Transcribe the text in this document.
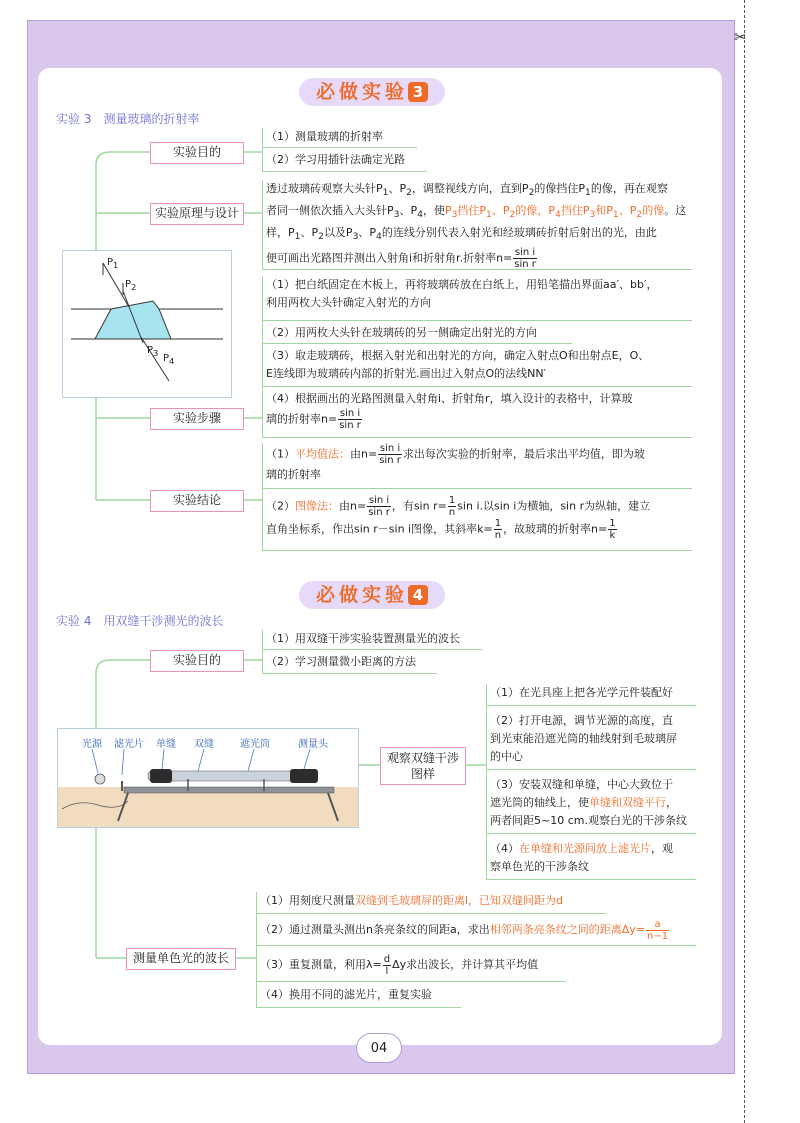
✂
必做实验 3
实验 3　测量玻璃的折射率
实验目的
（1）测量玻璃的折射率
（2）学习用插针法确定光路
实验原理与设计
透过玻璃砖观察大头针$P_1$、$P_2$，调整视线方向，直到$P_2$的像挡住$P_1$的像，再在观察
者同一侧依次插入大头针$P_3$、$P_4$，使$P_3$挡住$P_1$、$P_2$的像，$P_4$挡住$P_3$和$P_1$、$P_2$的像。这
样，$P_1$、$P_2$以及$P_3$、$P_4$的连线分别代表入射光和经玻璃砖折射后射出的光，由此
便可画出光路图并测出入射角i和折射角r.折射率$n= \frac{\text{sin i}}{\text{sin r}}$
$P_1$
$P_2$
$P_3$ $P_4$
实验步骤
（1）把白纸固定在木板上，再将玻璃砖放在白纸上，用铅笔描出界面aa′、bb′，
利用两枚大头针确定入射光的方向
（2）用两枚大头针在玻璃砖的另一侧确定出射光的方向
（3）取走玻璃砖，根据入射光和出射光的方向，确定入射点O和出射点E，O、
E连线即为玻璃砖内部的折射光.画出过入射点O的法线NN′
（4）根据画出的光路图测量入射角i、折射角r，填入设计的表格中，计算玻
璃的折射率$n= \frac{\text{sin i}}{\text{sin r}}$
实验结论
（1）平均值法：由$n= \frac{\text{sin i}}{\text{sin r}}$ 求出每次实验的折射率，最后求出平均值，即为玻
璃的折射率
（2）图像法：由$n= \frac{\text{sin i}}{\text{sin r}}$ ，有$\sin r= \frac{1}{n}$ sin i.以sin i为横轴，sin r为纵轴，建立
直角坐标系，作出sin r－sin i图像，其斜率$k= \frac{1}{n}$ ，故玻璃的折射率$n= \frac{1}{k}$
必做实验 4
实验 4　用双缝干涉测光的波长
实验目的
（1）用双缝干涉实验装置测量光的波长
（2）学习测量微小距离的方法
光源 滤光片 单缝 双缝	遮光筒	测量头
观察双缝干涉
图样
（1）在光具座上把各光学元件装配好
（2）打开电源，调节光源的高度，直
到光束能沿遮光筒的轴线射到毛玻璃屏
的中心
（3）安装双缝和单缝，中心大致位于
遮光筒的轴线上，使单缝和双缝平行，
两者间距5~10 cm.观察白光的干涉条纹
（4）在单缝和光源间放上滤光片，观
察单色光的干涉条纹
测量单色光的波长
（1）用刻度尺测量双缝到毛玻璃屏的距离l，已知双缝间距为d
（2）通过测量头测出n条亮条纹的间距a，求出相邻两条亮条纹之间的距离$\Delta y= \frac{a}{n-1}$
（3）重复测量，利用$\lambda= \frac{d}{l}$ Δy求出波长，并计算其平均值
（4）换用不同的滤光片，重复实验
04
